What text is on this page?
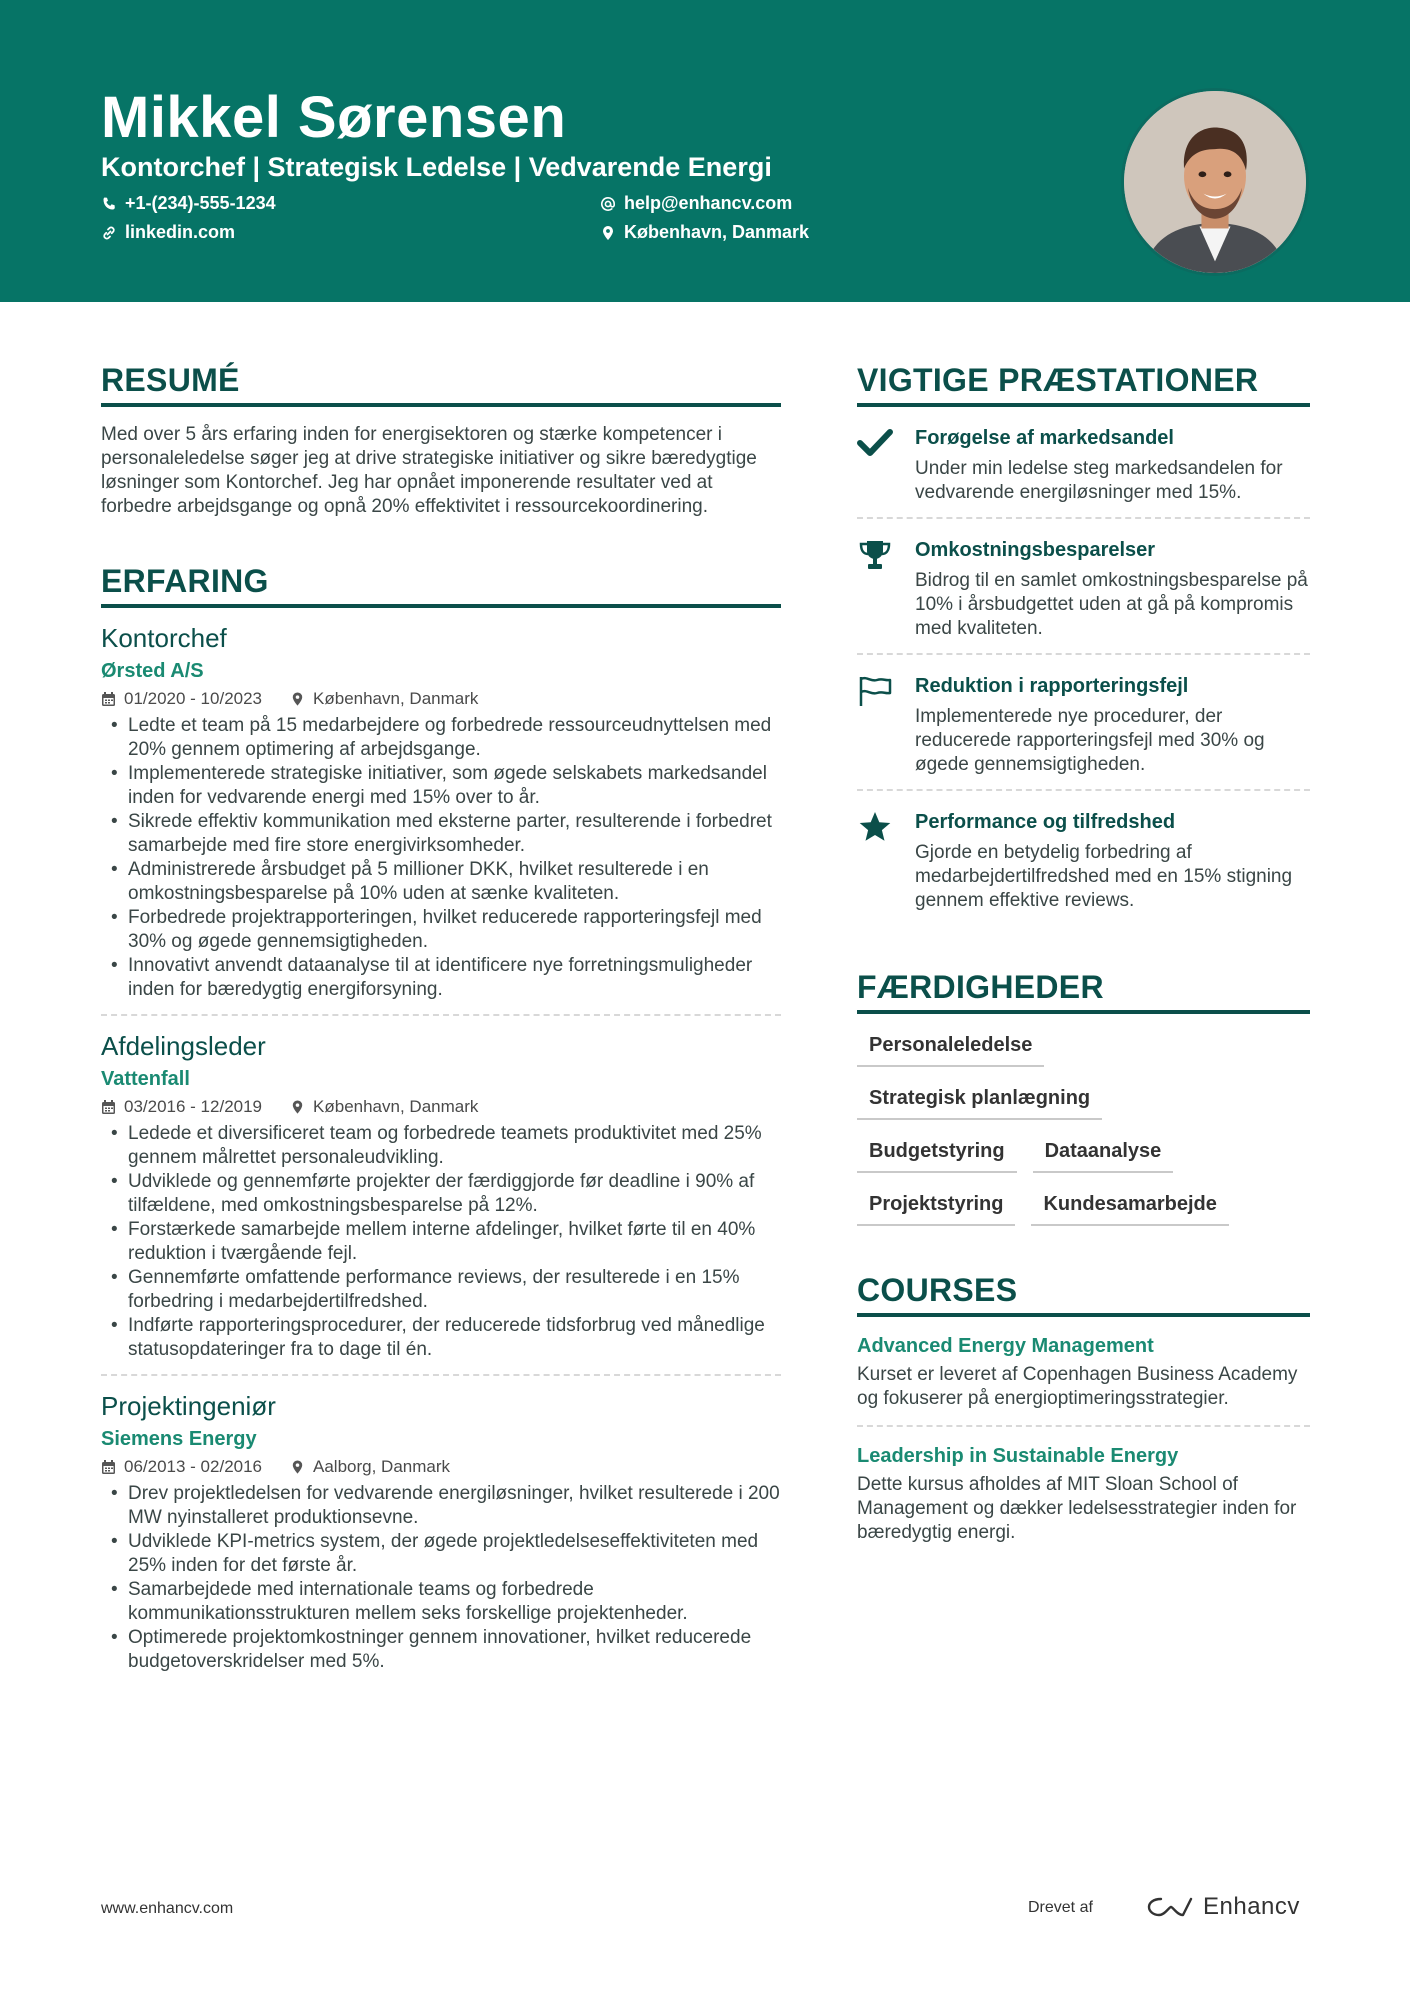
Mikkel Sørensen
Kontorchef | Strategisk Ledelse | Vedvarende Energi
+1-(234)-555-1234
linkedin.com
help@enhancv.com
København, Danmark
RESUMÉ
Med over 5 års erfaring inden for energisektoren og stærke kompetencer i personaleledelse søger jeg at drive strategiske initiativer og sikre bæredygtige løsninger som Kontorchef. Jeg har opnået imponerende resultater ved at forbedre arbejdsgange og opnå 20% effektivitet i ressourcekoordinering.
ERFARING
Kontorchef
Ørsted A/S
01/2020 - 10/2023	København, Danmark
• Ledte et team på 15 medarbejdere og forbedrede ressourceudnyttelsen med 20% gennem optimering af arbejdsgange.
• Implementerede strategiske initiativer, som øgede selskabets markedsandel inden for vedvarende energi med 15% over to år.
• Sikrede effektiv kommunikation med eksterne parter, resulterende i forbedret samarbejde med fire store energivirksomheder.
• Administrerede årsbudget på 5 millioner DKK, hvilket resulterede i en omkostningsbesparelse på 10% uden at sænke kvaliteten.
• Forbedrede projektrapporteringen, hvilket reducerede rapporteringsfejl med 30% og øgede gennemsigtigheden.
• Innovativt anvendt dataanalyse til at identificere nye forretningsmuligheder inden for bæredygtig energiforsyning.
Afdelingsleder
Vattenfall
03/2016 - 12/2019	København, Danmark
• Ledede et diversificeret team og forbedrede teamets produktivitet med 25% gennem målrettet personaleudvikling.
• Udviklede og gennemførte projekter der færdiggjorde før deadline i 90% af tilfældene, med omkostningsbesparelse på 12%.
• Forstærkede samarbejde mellem interne afdelinger, hvilket førte til en 40% reduktion i tværgående fejl.
• Gennemførte omfattende performance reviews, der resulterede i en 15% forbedring i medarbejdertilfredshed.
• Indførte rapporteringsprocedurer, der reducerede tidsforbrug ved månedlige statusopdateringer fra to dage til én.
Projektingeniør
Siemens Energy
06/2013 - 02/2016	Aalborg, Danmark
• Drev projektledelsen for vedvarende energiløsninger, hvilket resulterede i 200 MW nyinstalleret produktionsevne.
• Udviklede KPI-metrics system, der øgede projektledelseseffektiviteten med 25% inden for det første år.
• Samarbejdede med internationale teams og forbedrede kommunikationsstrukturen mellem seks forskellige projektenheder.
• Optimerede projektomkostninger gennem innovationer, hvilket reducerede budgetoverskridelser med 5%.
VIGTIGE PRÆSTATIONER
Forøgelse af markedsandel
Under min ledelse steg markedsandelen for vedvarende energiløsninger med 15%.
Omkostningsbesparelser
Bidrog til en samlet omkostningsbesparelse på 10% i årsbudgettet uden at gå på kompromis med kvaliteten.
Reduktion i rapporteringsfejl
Implementerede nye procedurer, der reducerede rapporteringsfejl med 30% og øgede gennemsigtigheden.
Performance og tilfredshed
Gjorde en betydelig forbedring af medarbejdertilfredshed med en 15% stigning gennem effektive reviews.
FÆRDIGHEDER
Personaleledelse
Strategisk planlægning
Budgetstyring	Dataanalyse
Projektstyring	Kundesamarbejde
COURSES
Advanced Energy Management
Kurset er leveret af Copenhagen Business Academy og fokuserer på energioptimeringsstrategier.
Leadership in Sustainable Energy
Dette kursus afholdes af MIT Sloan School of Management og dækker ledelsesstrategier inden for bæredygtig energi.
www.enhancv.com	Drevet af	Enhancv
